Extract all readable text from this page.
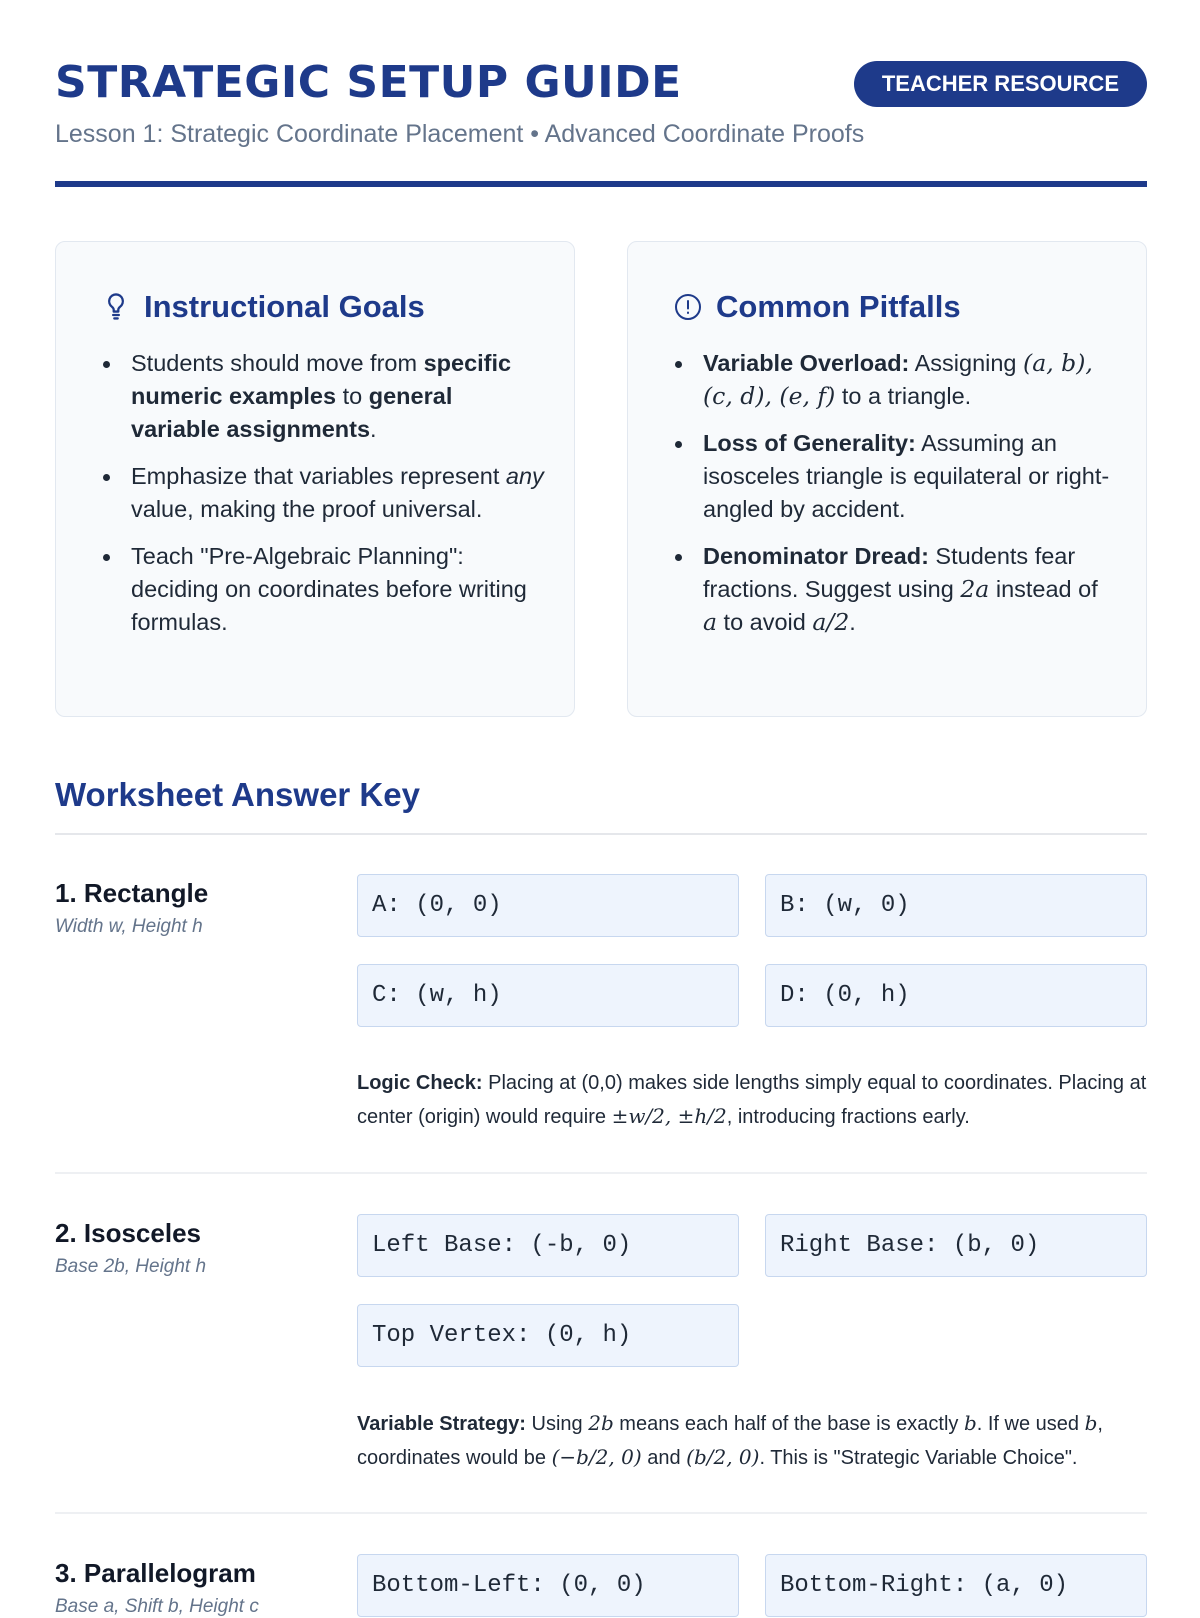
STRATEGIC SETUP GUIDE	TEACHER RESOURCE
Lesson 1: Strategic Coordinate Placement • Advanced Coordinate Proofs
Instructional Goals
Students should move from specific numeric examples to general variable assignments.
Emphasize that variables represent any value, making the proof universal.
Teach "Pre-Algebraic Planning": deciding on coordinates before writing formulas.
Common Pitfalls
Variable Overload: Assigning (a, b), (c, d), (e, f) to a triangle.
Loss of Generality: Assuming an isosceles triangle is equilateral or right-angled by accident.
Denominator Dread: Students fear fractions. Suggest using 2a instead of a to avoid a/2.
Worksheet Answer Key
1. Rectangle
Width w, Height h
A: (0, 0)	B: (w, 0)
C: (w, h)	D: (0, h)
Logic Check: Placing at (0,0) makes side lengths simply equal to coordinates. Placing at center (origin) would require ±w/2, ±h/2, introducing fractions early.
2. Isosceles
Base 2b, Height h
Left Base: (-b, 0)	Right Base: (b, 0)
Top Vertex: (0, h)
Variable Strategy: Using 2b means each half of the base is exactly b. If we used b, coordinates would be (−b/2, 0) and (b/2, 0). This is "Strategic Variable Choice".
3. Parallelogram
Base a, Shift b, Height c
Bottom-Left: (0, 0)	Bottom-Right: (a, 0)
